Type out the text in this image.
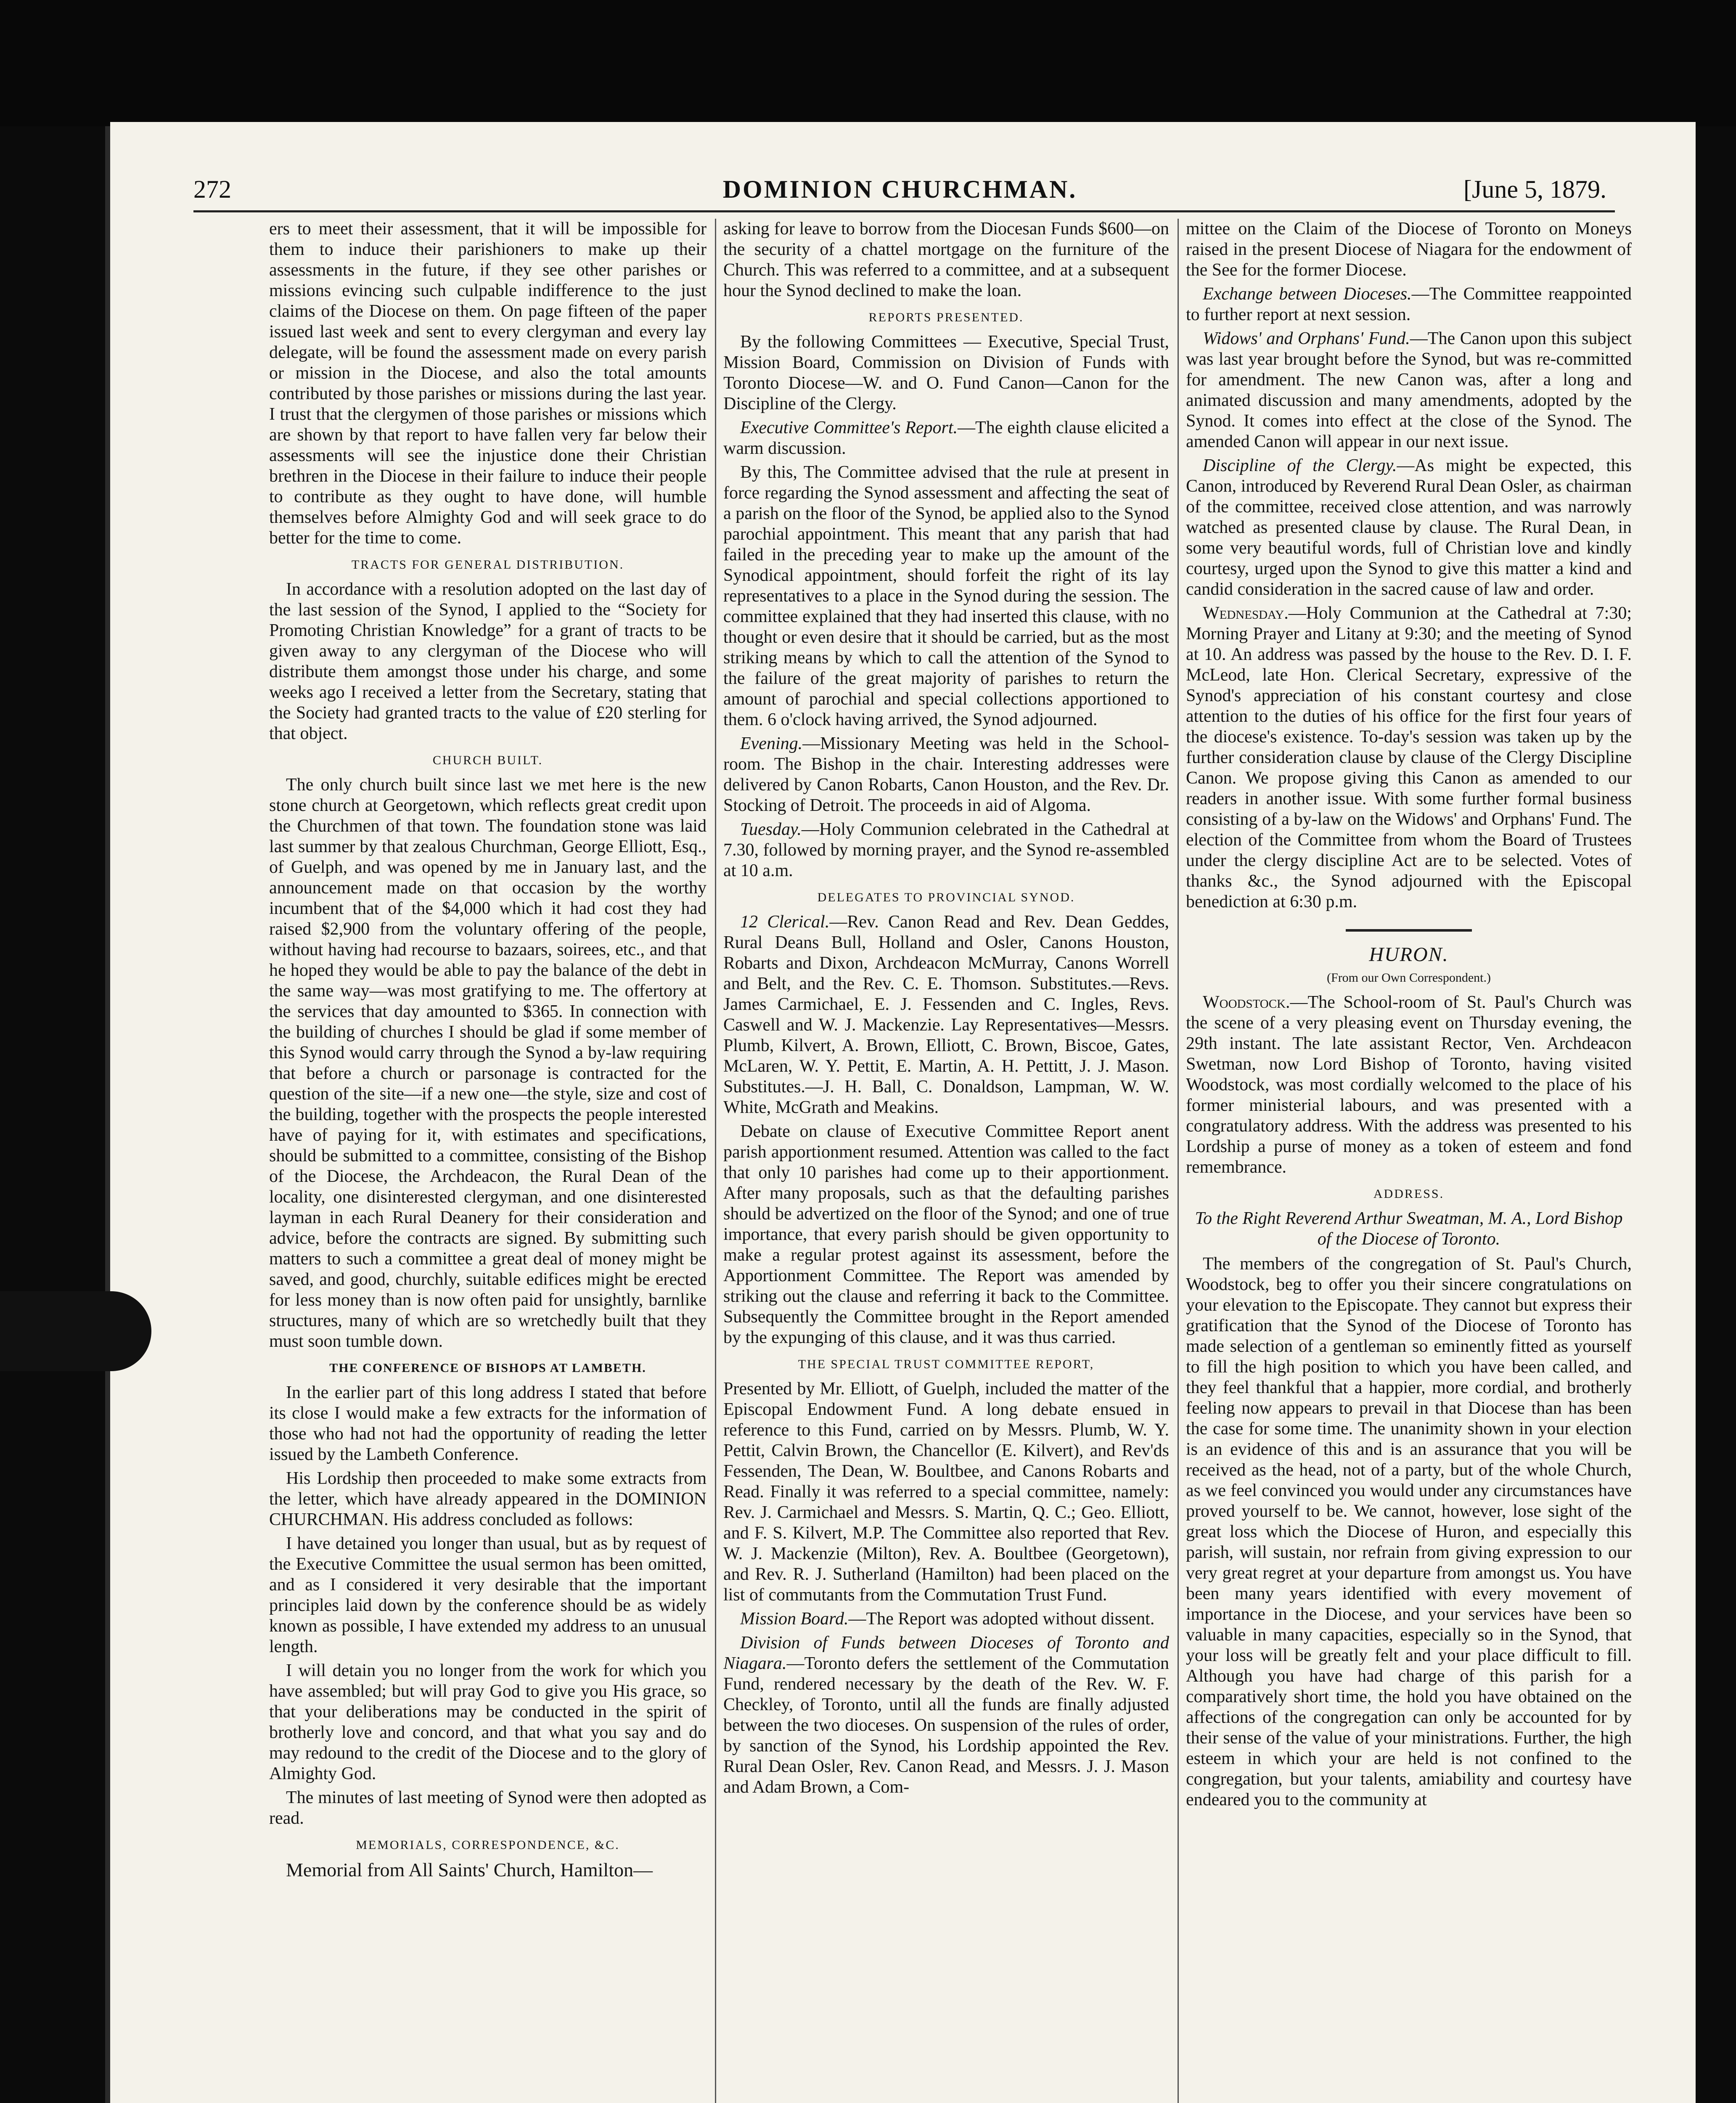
272	DOMINION CHURCHMAN.	[June 5, 1879.

ers to meet their assessment, that it will be impossible for them to induce their parishioners to make up their assessments in the future, if they see other parishes or missions evincing such culpable indifference to the just claims of the Diocese on them. On page fifteen of the paper issued last week and sent to every clergyman and every lay delegate, will be found the assessment made on every parish or mission in the Diocese, and also the total amounts contributed by those parishes or missions during the last year. I trust that the clergymen of those parishes or missions which are shown by that report to have fallen very far below their assessments will see the injustice done their Christian brethren in the Diocese in their failure to induce their people to contribute as they ought to have done, will humble themselves before Almighty God and will seek grace to do better for the time to come.

TRACTS FOR GENERAL DISTRIBUTION.

In accordance with a resolution adopted on the last day of the last session of the Synod, I applied to the “Society for Promoting Christian Knowledge” for a grant of tracts to be given away to any clergyman of the Diocese who will distribute them amongst those under his charge, and some weeks ago I received a letter from the Secretary, stating that the Society had granted tracts to the value of £20 sterling for that object.

CHURCH BUILT.

The only church built since last we met here is the new stone church at Georgetown, which reflects great credit upon the Churchmen of that town. The foundation stone was laid last summer by that zealous Churchman, George Elliott, Esq., of Guelph, and was opened by me in January last, and the announcement made on that occasion by the worthy incumbent that of the $4,000 which it had cost they had raised $2,900 from the voluntary offering of the people, without having had recourse to bazaars, soirees, etc., and that he hoped they would be able to pay the balance of the debt in the same way—was most gratifying to me. The offertory at the services that day amounted to $365. In connection with the building of churches I should be glad if some member of this Synod would carry through the Synod a by-law requiring that before a church or parsonage is contracted for the question of the site—if a new one—the style, size and cost of the building, together with the prospects the people interested have of paying for it, with estimates and specifications, should be submitted to a committee, consisting of the Bishop of the Diocese, the Archdeacon, the Rural Dean of the locality, one disinterested clergyman, and one disinterested layman in each Rural Deanery for their consideration and advice, before the contracts are signed. By submitting such matters to such a committee a great deal of money might be saved, and good, churchly, suitable edifices might be erected for less money than is now often paid for unsightly, barnlike structures, many of which are so wretchedly built that they must soon tumble down.

THE CONFERENCE OF BISHOPS AT LAMBETH.

In the earlier part of this long address I stated that before its close I would make a few extracts for the information of those who had not had the opportunity of reading the letter issued by the Lambeth Conference.

His Lordship then proceeded to make some extracts from the letter, which have already appeared in the DOMINION CHURCHMAN. His address concluded as follows:

I have detained you longer than usual, but as by request of the Executive Committee the usual sermon has been omitted, and as I considered it very desirable that the important principles laid down by the conference should be as widely known as possible, I have extended my address to an unusual length.

I will detain you no longer from the work for which you have assembled; but will pray God to give you His grace, so that your deliberations may be conducted in the spirit of brotherly love and concord, and that what you say and do may redound to the credit of the Diocese and to the glory of Almighty God.

The minutes of last meeting of Synod were then adopted as read.

MEMORIALS, CORRESPONDENCE, &C.

Memorial from All Saints' Church, Hamilton—

asking for leave to borrow from the Diocesan Funds $600—on the security of a chattel mortgage on the furniture of the Church. This was referred to a committee, and at a subsequent hour the Synod declined to make the loan.

REPORTS PRESENTED.

By the following Committees — Executive, Special Trust, Mission Board, Commission on Division of Funds with Toronto Diocese—W. and O. Fund Canon—Canon for the Discipline of the Clergy.

Executive Committee's Report.—The eighth clause elicited a warm discussion.

By this, The Committee advised that the rule at present in force regarding the Synod assessment and affecting the seat of a parish on the floor of the Synod, be applied also to the Synod parochial appointment. This meant that any parish that had failed in the preceding year to make up the amount of the Synodical appointment, should forfeit the right of its lay representatives to a place in the Synod during the session. The committee explained that they had inserted this clause, with no thought or even desire that it should be carried, but as the most striking means by which to call the attention of the Synod to the failure of the great majority of parishes to return the amount of parochial and special collections apportioned to them. 6 o'clock having arrived, the Synod adjourned.

Evening.—Missionary Meeting was held in the School-room. The Bishop in the chair. Interesting addresses were delivered by Canon Robarts, Canon Houston, and the Rev. Dr. Stocking of Detroit. The proceeds in aid of Algoma.

Tuesday.—Holy Communion celebrated in the Cathedral at 7.30, followed by morning prayer, and the Synod re-assembled at 10 a.m.

DELEGATES TO PROVINCIAL SYNOD.

12 Clerical.—Rev. Canon Read and Rev. Dean Geddes, Rural Deans Bull, Holland and Osler, Canons Houston, Robarts and Dixon, Archdeacon McMurray, Canons Worrell and Belt, and the Rev. C. E. Thomson. Substitutes.—Revs. James Carmichael, E. J. Fessenden and C. Ingles, Revs. Caswell and W. J. Mackenzie. Lay Representatives—Messrs. Plumb, Kilvert, A. Brown, Elliott, C. Brown, Biscoe, Gates, McLaren, W. Y. Pettit, E. Martin, A. H. Pettitt, J. J. Mason. Substitutes.—J. H. Ball, C. Donaldson, Lampman, W. W. White, McGrath and Meakins.

Debate on clause of Executive Committee Report anent parish apportionment resumed. Attention was called to the fact that only 10 parishes had come up to their apportionment. After many proposals, such as that the defaulting parishes should be advertized on the floor of the Synod; and one of true importance, that every parish should be given opportunity to make a regular protest against its assessment, before the Apportionment Committee. The Report was amended by striking out the clause and referring it back to the Committee. Subsequently the Committee brought in the Report amended by the expunging of this clause, and it was thus carried.

THE SPECIAL TRUST COMMITTEE REPORT,

Presented by Mr. Elliott, of Guelph, included the matter of the Episcopal Endowment Fund. A long debate ensued in reference to this Fund, carried on by Messrs. Plumb, W. Y. Pettit, Calvin Brown, the Chancellor (E. Kilvert), and Rev'ds Fessenden, The Dean, W. Boultbee, and Canons Robarts and Read. Finally it was referred to a special committee, namely: Rev. J. Carmichael and Messrs. S. Martin, Q. C.; Geo. Elliott, and F. S. Kilvert, M.P. The Committee also reported that Rev. W. J. Mackenzie (Milton), Rev. A. Boultbee (Georgetown), and Rev. R. J. Sutherland (Hamilton) had been placed on the list of commutants from the Commutation Trust Fund.

Mission Board.—The Report was adopted without dissent.

Division of Funds between Dioceses of Toronto and Niagara.—Toronto defers the settlement of the Commutation Fund, rendered necessary by the death of the Rev. W. F. Checkley, of Toronto, until all the funds are finally adjusted between the two dioceses. On suspension of the rules of order, by sanction of the Synod, his Lordship appointed the Rev. Rural Dean Osler, Rev. Canon Read, and Messrs. J. J. Mason and Adam Brown, a Com-

mittee on the Claim of the Diocese of Toronto on Moneys raised in the present Diocese of Niagara for the endowment of the See for the former Diocese.

Exchange between Dioceses.—The Committee reappointed to further report at next session.

Widows' and Orphans' Fund.—The Canon upon this subject was last year brought before the Synod, but was re-committed for amendment. The new Canon was, after a long and animated discussion and many amendments, adopted by the Synod. It comes into effect at the close of the Synod. The amended Canon will appear in our next issue.

Discipline of the Clergy.—As might be expected, this Canon, introduced by Reverend Rural Dean Osler, as chairman of the committee, received close attention, and was narrowly watched as presented clause by clause. The Rural Dean, in some very beautiful words, full of Christian love and kindly courtesy, urged upon the Synod to give this matter a kind and candid consideration in the sacred cause of law and order.

Wednesday.—Holy Communion at the Cathedral at 7:30; Morning Prayer and Litany at 9:30; and the meeting of Synod at 10. An address was passed by the house to the Rev. D. I. F. McLeod, late Hon. Clerical Secretary, expressive of the Synod's appreciation of his constant courtesy and close attention to the duties of his office for the first four years of the diocese's existence. To-day's session was taken up by the further consideration clause by clause of the Clergy Discipline Canon. We propose giving this Canon as amended to our readers in another issue. With some further formal business consisting of a by-law on the Widows' and Orphans' Fund. The election of the Committee from whom the Board of Trustees under the clergy discipline Act are to be selected. Votes of thanks &c., the Synod adjourned with the Episcopal benediction at 6:30 p.m.

HURON.
(From our Own Correspondent.)

Woodstock.—The School-room of St. Paul's Church was the scene of a very pleasing event on Thursday evening, the 29th instant. The late assistant Rector, Ven. Archdeacon Swetman, now Lord Bishop of Toronto, having visited Woodstock, was most cordially welcomed to the place of his former ministerial labours, and was presented with a congratulatory address. With the address was presented to his Lordship a purse of money as a token of esteem and fond remembrance.

ADDRESS.
To the Right Reverend Arthur Sweatman, M. A., Lord Bishop of the Diocese of Toronto.

The members of the congregation of St. Paul's Church, Woodstock, beg to offer you their sincere congratulations on your elevation to the Episcopate. They cannot but express their gratification that the Synod of the Diocese of Toronto has made selection of a gentleman so eminently fitted as yourself to fill the high position to which you have been called, and they feel thankful that a happier, more cordial, and brotherly feeling now appears to prevail in that Diocese than has been the case for some time. The unanimity shown in your election is an evidence of this and is an assurance that you will be received as the head, not of a party, but of the whole Church, as we feel convinced you would under any circumstances have proved yourself to be. We cannot, however, lose sight of the great loss which the Diocese of Huron, and especially this parish, will sustain, nor refrain from giving expression to our very great regret at your departure from amongst us. You have been many years identified with every movement of importance in the Diocese, and your services have been so valuable in many capacities, especially so in the Synod, that your loss will be greatly felt and your place difficult to fill. Although you have had charge of this parish for a comparatively short time, the hold you have obtained on the affections of the congregation can only be accounted for by their sense of the value of your ministrations. Further, the high esteem in which your are held is not confined to the congregation, but your talents, amiability and courtesy have endeared you to the community at
